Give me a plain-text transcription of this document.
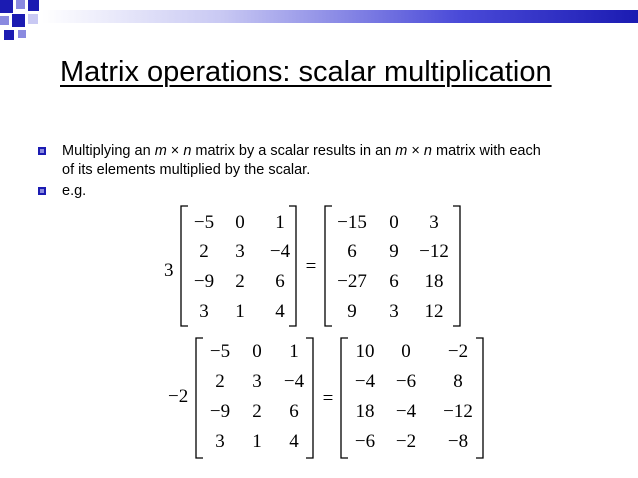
Matrix operations: scalar multiplication
Multiplying an m × n matrix by a scalar results in an m × n matrix with each
of its elements multiplied by the scalar.
e.g.
3
−5 0 1
2 3 −4
−9 2 6
3 1 4
=
−15 0 3
6 9 −12
−27 6 18
9 3 12
−2
−5 0 1
2 3 −4
−9 2 6
3 1 4
=
10 0 −2
−4 −6 8
18 −4 −12
−6 −2 −8
